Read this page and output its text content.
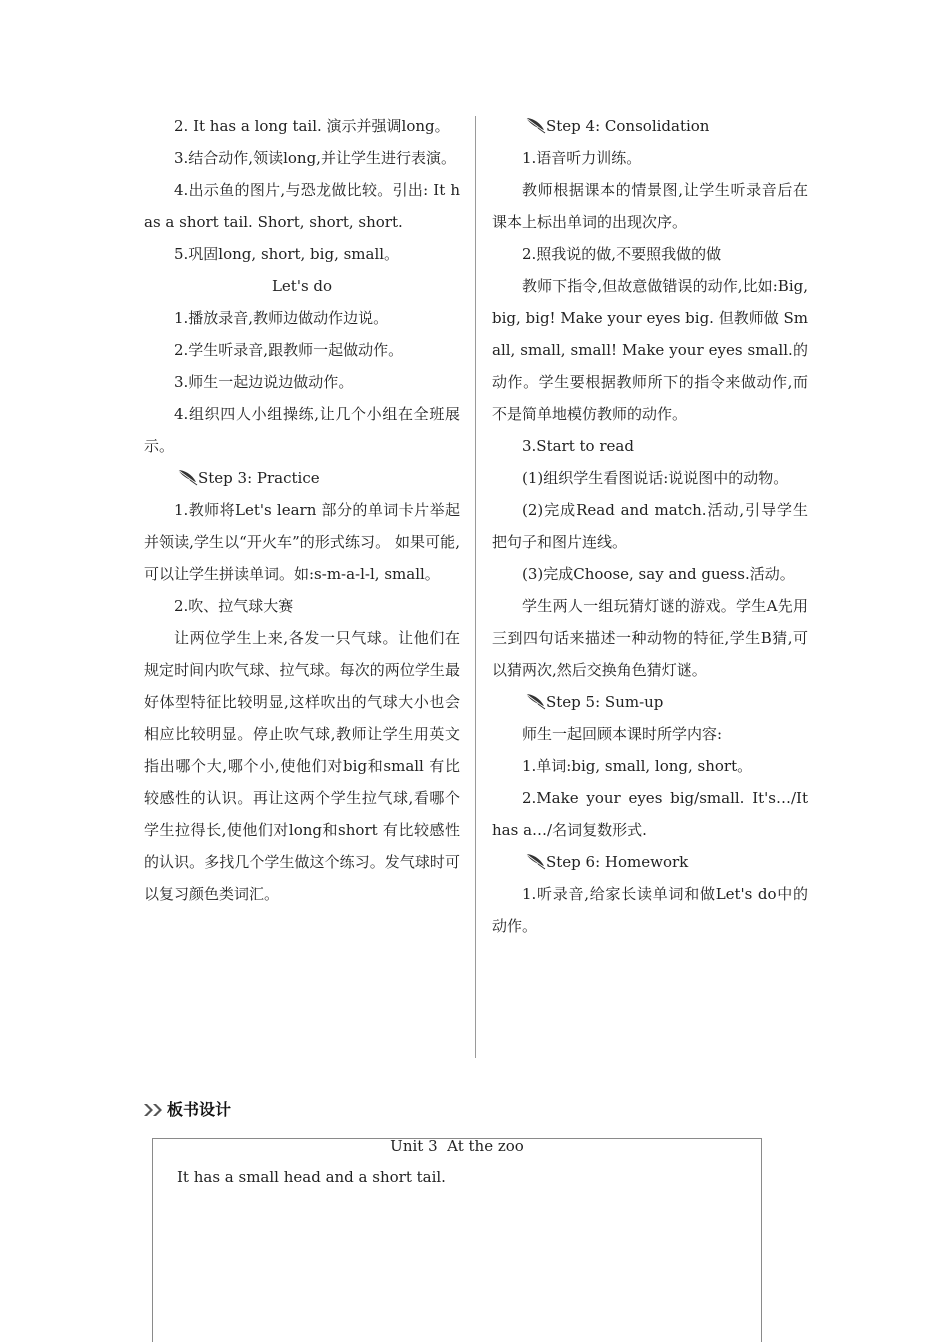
2. It has a long tail. 演示并强调long。

3.结合动作,领读long,并让学生进行表演。

4.出示鱼的图片,与恐龙做比较。引出: It has a short tail. Short, short, short.

5.巩固long, short, big, small。

Let's do

1.播放录音,教师边做动作边说。

2.学生听录音,跟教师一起做动作。

3.师生一起边说边做动作。

4.组织四人小组操练,让几个小组在全班展示。

Step 3: Practice

1.教师将Let's learn 部分的单词卡片举起并领读,学生以“开火车”的形式练习。 如果可能,可以让学生拼读单词。如:s-m-a-l-l, small。

2.吹、拉气球大赛

让两位学生上来,各发一只气球。让他们在规定时间内吹气球、拉气球。每次的两位学生最好体型特征比较明显,这样吹出的气球大小也会相应比较明显。停止吹气球,教师让学生用英文指出哪个大,哪个小,使他们对big和small 有比较感性的认识。再让这两个学生拉气球,看哪个学生拉得长,使他们对long和short 有比较感性的认识。多找几个学生做这个练习。发气球时可以复习颜色类词汇。

Step 4: Consolidation

1.语音听力训练。

教师根据课本的情景图,让学生听录音后在课本上标出单词的出现次序。

2.照我说的做,不要照我做的做

教师下指令,但故意做错误的动作,比如:Big, big, big! Make your eyes big. 但教师做 Small, small, small! Make your eyes small.的动作。学生要根据教师所下的指令来做动作,而不是简单地模仿教师的动作。

3.Start to read

(1)组织学生看图说话:说说图中的动物。

(2)完成Read and match.活动,引导学生把句子和图片连线。

(3)完成Choose, say and guess.活动。

学生两人一组玩猜灯谜的游戏。学生A先用三到四句话来描述一种动物的特征,学生B猜,可以猜两次,然后交换角色猜灯谜。

Step 5: Sum-up

师生一起回顾本课时所学内容:

1.单词:big, small, long, short。

2.Make your eyes big/small. It's…/It has a…/名词复数形式.

Step 6: Homework

1.听录音,给家长读单词和做Let's do中的动作。

板书设计
Unit 3  At the zoo
It has a small head and a short tail.
